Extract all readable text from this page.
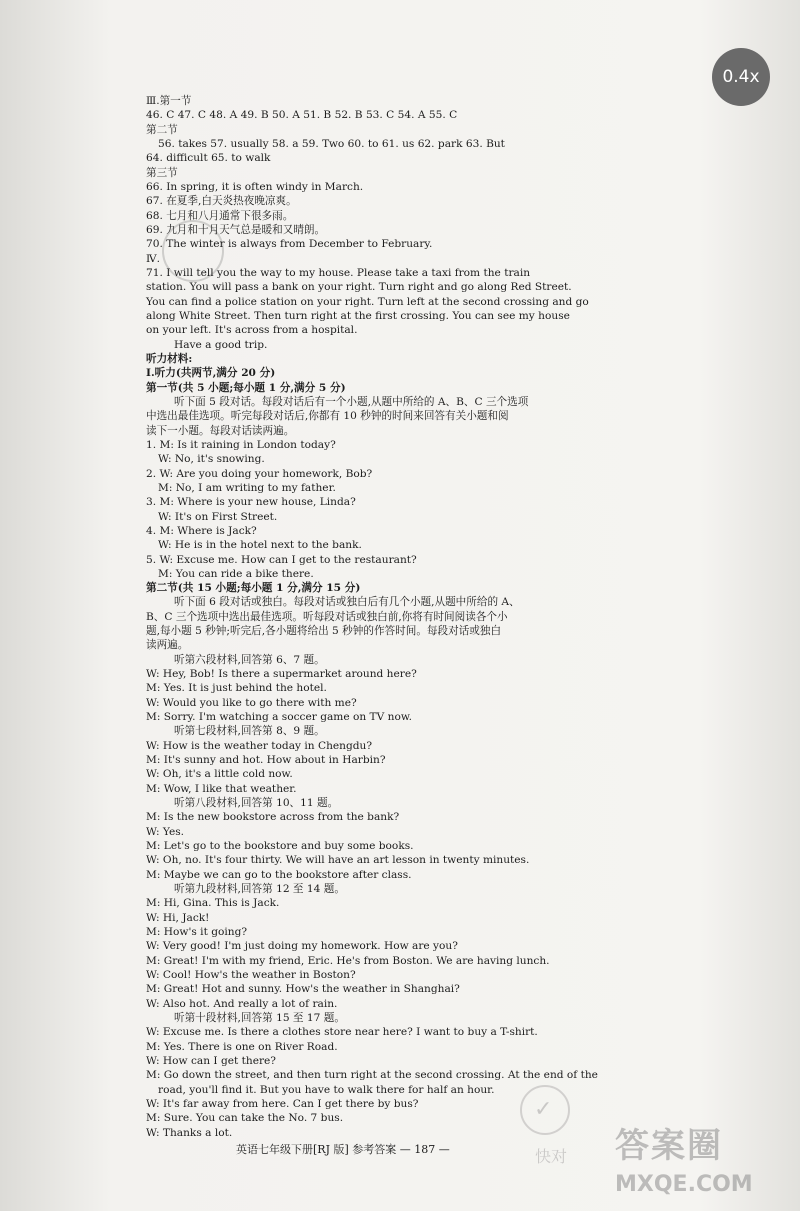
Ⅲ.第一节
46. C 47. C 48. A 49. B 50. A 51. B 52. B 53. C 54. A 55. C
第二节
56. takes 57. usually 58. a 59. Two 60. to 61. us 62. park 63. But
64. difficult 65. to walk
第三节
66. In spring, it is often windy in March.
67. 在夏季,白天炎热夜晚凉爽。
68. 七月和八月通常下很多雨。
69. 九月和十月天气总是暖和又晴朗。
70. The winter is always from December to February.
Ⅳ.
71. I will tell you the way to my house. Please take a taxi from the train
station. You will pass a bank on your right. Turn right and go along Red Street.
You can find a police station on your right. Turn left at the second crossing and go
along White Street. Then turn right at the first crossing. You can see my house
on your left. It's across from a hospital.
Have a good trip.
听力材料:
Ⅰ.听力(共两节,满分 20 分)
第一节(共 5 小题;每小题 1 分,满分 5 分)
听下面 5 段对话。每段对话后有一个小题,从题中所给的 A、B、C 三个选项
中选出最佳选项。听完每段对话后,你都有 10 秒钟的时间来回答有关小题和阅
读下一小题。每段对话读两遍。
1. M: Is it raining in London today?
W: No, it's snowing.
2. W: Are you doing your homework, Bob?
M: No, I am writing to my father.
3. M: Where is your new house, Linda?
W: It's on First Street.
4. M: Where is Jack?
W: He is in the hotel next to the bank.
5. W: Excuse me. How can I get to the restaurant?
M: You can ride a bike there.
第二节(共 15 小题;每小题 1 分,满分 15 分)
听下面 6 段对话或独白。每段对话或独白后有几个小题,从题中所给的 A、
B、C 三个选项中选出最佳选项。听每段对话或独白前,你将有时间阅读各个小
题,每小题 5 秒钟;听完后,各小题将给出 5 秒钟的作答时间。每段对话或独白
读两遍。
听第六段材料,回答第 6、7 题。
W: Hey, Bob! Is there a supermarket around here?
M: Yes. It is just behind the hotel.
W: Would you like to go there with me?
M: Sorry. I'm watching a soccer game on TV now.
听第七段材料,回答第 8、9 题。
W: How is the weather today in Chengdu?
M: It's sunny and hot. How about in Harbin?
W: Oh, it's a little cold now.
M: Wow, I like that weather.
听第八段材料,回答第 10、11 题。
M: Is the new bookstore across from the bank?
W: Yes.
M: Let's go to the bookstore and buy some books.
W: Oh, no. It's four thirty. We will have an art lesson in twenty minutes.
M: Maybe we can go to the bookstore after class.
听第九段材料,回答第 12 至 14 题。
M: Hi, Gina. This is Jack.
W: Hi, Jack!
M: How's it going?
W: Very good! I'm just doing my homework. How are you?
M: Great! I'm with my friend, Eric. He's from Boston. We are having lunch.
W: Cool! How's the weather in Boston?
M: Great! Hot and sunny. How's the weather in Shanghai?
W: Also hot. And really a lot of rain.
听第十段材料,回答第 15 至 17 题。
W: Excuse me. Is there a clothes store near here? I want to buy a T-shirt.
M: Yes. There is one on River Road.
W: How can I get there?
M: Go down the street, and then turn right at the second crossing. At the end of the
road, you'll find it. But you have to walk there for half an hour.
W: It's far away from here. Can I get there by bus?
M: Sure. You can take the No. 7 bus.
W: Thanks a lot.
英语七年级下册[RJ 版] 参考答案 — 187 —
✓
快对 答案圈
MXQE.COM
0.4x
